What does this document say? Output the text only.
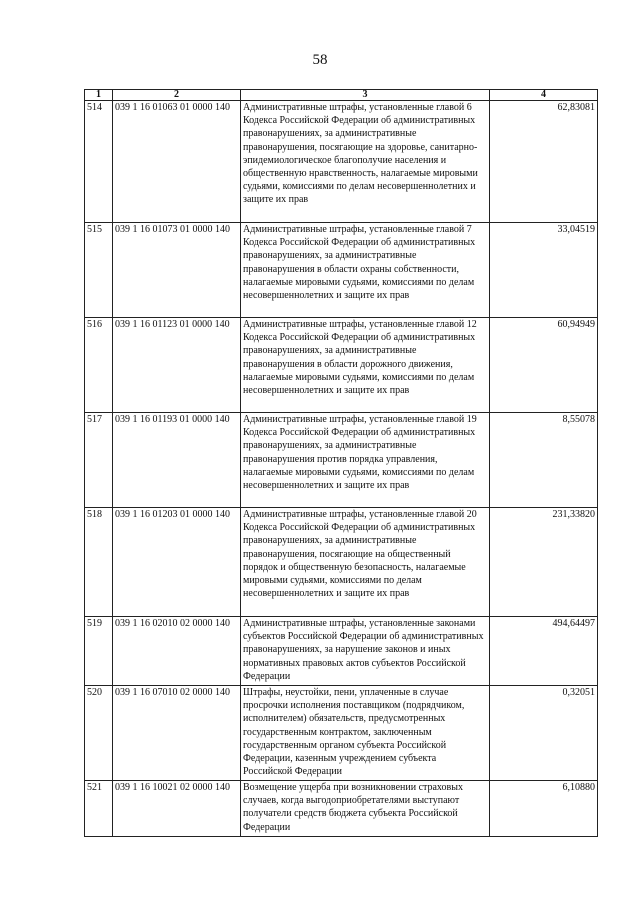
58
1	2	3	4
514	039 1 16 01063 01 0000 140	Административные штрафы, установленные главой 6 Кодекса Российской Федерации об административных правонарушениях, за административные правонарушения, посягающие на здоровье, санитарно-эпидемиологическое благополучие населения и общественную нравственность, налагаемые мировыми судьями, комиссиями по делам несовершеннолетних и защите их прав	62,83081
515	039 1 16 01073 01 0000 140	Административные штрафы, установленные главой 7 Кодекса Российской Федерации об административных правонарушениях, за административные правонарушения в области охраны собственности, налагаемые мировыми судьями, комиссиями по делам несовершеннолетних и защите их прав	33,04519
516	039 1 16 01123 01 0000 140	Административные штрафы, установленные главой 12 Кодекса Российской Федерации об административных правонарушениях, за административные правонарушения в области дорожного движения, налагаемые мировыми судьями, комиссиями по делам несовершеннолетних и защите их прав	60,94949
517	039 1 16 01193 01 0000 140	Административные штрафы, установленные главой 19 Кодекса Российской Федерации об административных правонарушениях, за административные правонарушения против порядка управления, налагаемые мировыми судьями, комиссиями по делам несовершеннолетних и защите их прав	8,55078
518	039 1 16 01203 01 0000 140	Административные штрафы, установленные главой 20 Кодекса Российской Федерации об административных правонарушениях, за административные правонарушения, посягающие на общественный порядок и общественную безопасность, налагаемые мировыми судьями, комиссиями по делам несовершеннолетних и защите их прав	231,33820
519	039 1 16 02010 02 0000 140	Административные штрафы, установленные законами субъектов Российской Федерации об административных правонарушениях, за нарушение законов и иных нормативных правовых актов субъектов Российской Федерации	494,64497
520	039 1 16 07010 02 0000 140	Штрафы, неустойки, пени, уплаченные в случае просрочки исполнения поставщиком (подрядчиком, исполнителем) обязательств, предусмотренных государственным контрактом, заключенным государственным органом субъекта Российской Федерации, казенным учреждением субъекта Российской Федерации	0,32051
521	039 1 16 10021 02 0000 140	Возмещение ущерба при возникновении страховых случаев, когда выгодоприобретателями выступают получатели средств бюджета субъекта Российской Федерации	6,10880
